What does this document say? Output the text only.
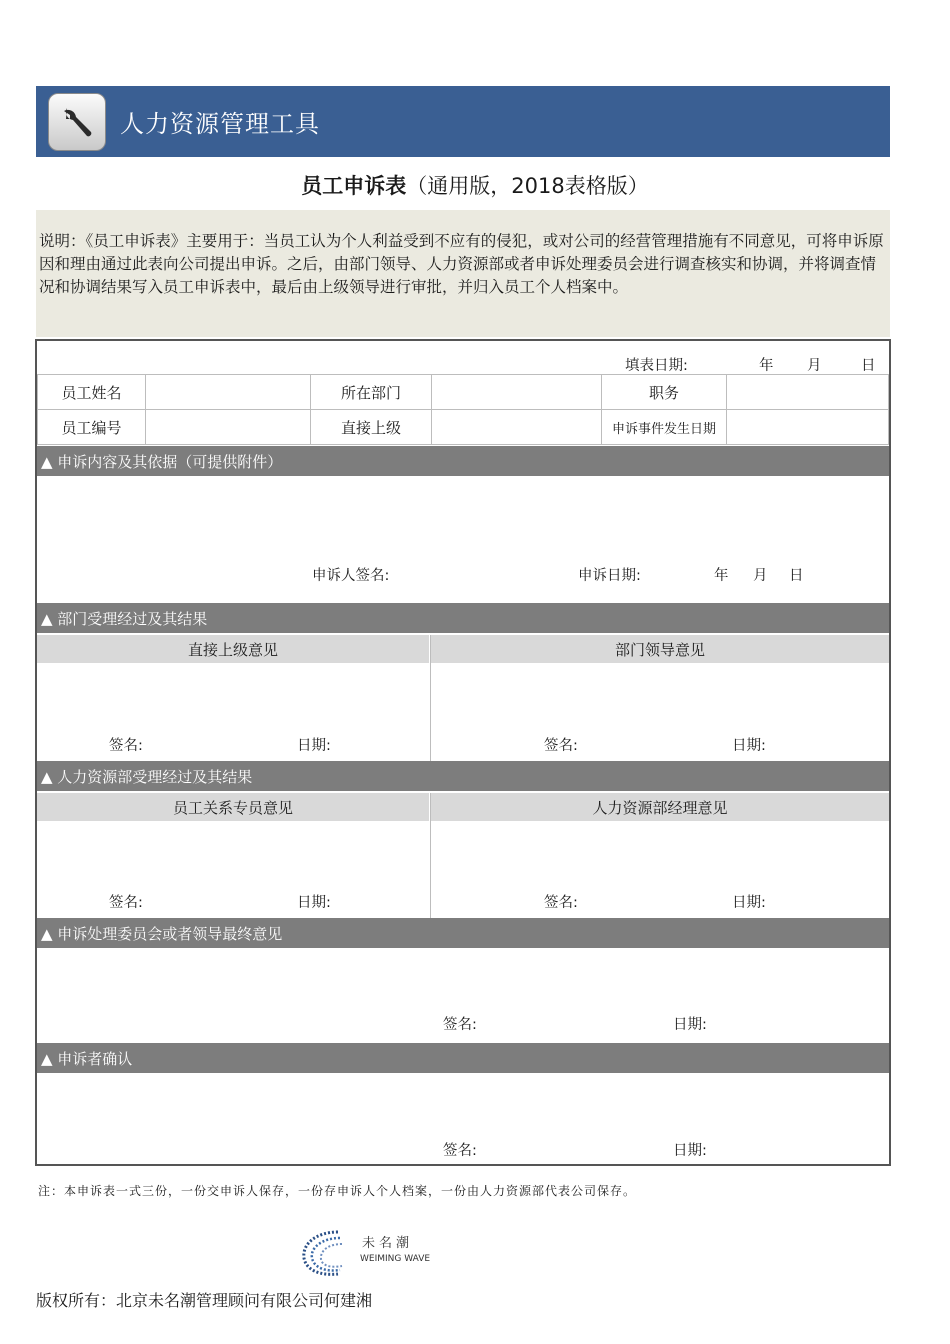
人力资源管理工具
员工申诉表（通用版，2018表格版）
说明：《员工申诉表》主要用于：当员工认为个人利益受到不应有的侵犯，或对公司的经营管理措施有不同意见，可将申诉原因和理由通过此表向公司提出申诉。之后，由部门领导、人力资源部或者申诉处理委员会进行调查核实和协调，并将调查情况和协调结果写入员工申诉表中，最后由上级领导进行审批，并归入员工个人档案中。
填表日期:	年 月	日
员工姓名	所在部门	职务
员工编号	直接上级	申诉事件发生日期
▲ 申诉内容及其依据（可提供附件）
申诉人签名:	申诉日期:	年 月 日
▲ 部门受理经过及其结果
直接上级意见	部门领导意见
签名:	日期:	签名:	日期:
▲ 人力资源部受理经过及其结果
员工关系专员意见	人力资源部经理意见
签名:	日期:	签名:	日期:
▲ 申诉处理委员会或者领导最终意见
签名:	日期:
▲ 申诉者确认
签名:	日期:
注：本申诉表一式三份，一份交申诉人保存，一份存申诉人个人档案，一份由人力资源部代表公司保存。
未名潮
WEIMING WAVE
版权所有：北京未名潮管理顾问有限公司何建湘
